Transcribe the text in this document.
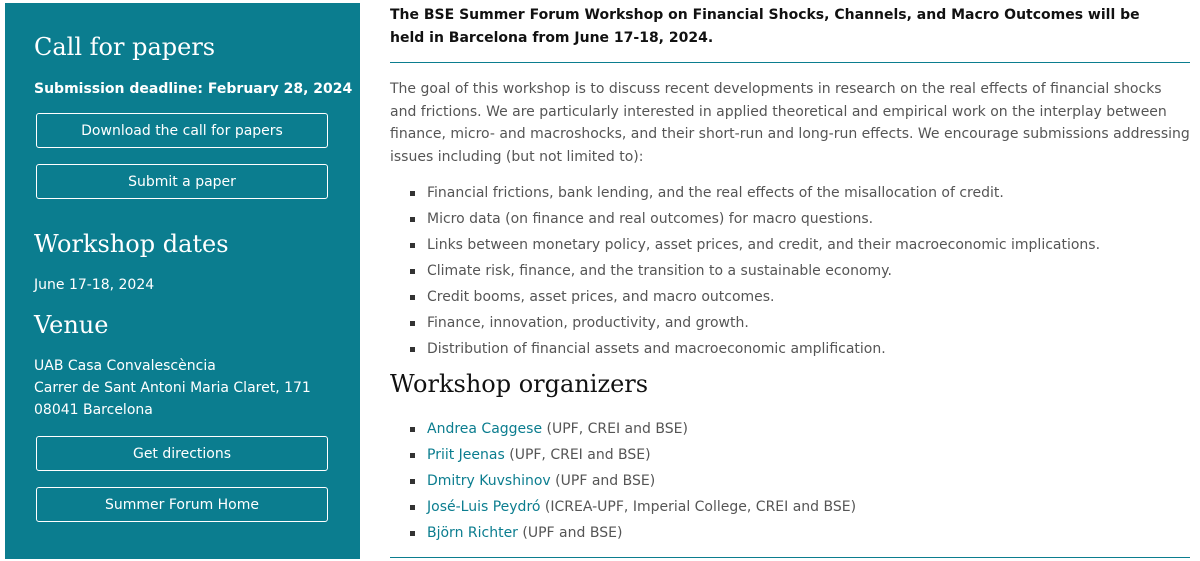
Call for papers

Submission deadline: February 28, 2024

Download the call for papers
Submit a paper
Workshop dates

June 17-18, 2024

Venue
UAB Casa Convalescència
Carrer de Sant Antoni Maria Claret, 171
08041 Barcelona
Get directions
Summer Forum Home

The BSE Summer Forum Workshop on Financial Shocks, Channels, and Macro Outcomes will be held in Barcelona from June 17-18, 2024.

The goal of this workshop is to discuss recent developments in research on the real effects of financial shocks and frictions. We are particularly interested in applied theoretical and empirical work on the interplay between finance, micro- and macroshocks, and their short-run and long-run effects. We encourage submissions addressing issues including (but not limited to):

Financial frictions, bank lending, and the real effects of the misallocation of credit.
Micro data (on finance and real outcomes) for macro questions.
Links between monetary policy, asset prices, and credit, and their macroeconomic implications.
Climate risk, finance, and the transition to a sustainable economy.
Credit booms, asset prices, and macro outcomes.
Finance, innovation, productivity, and growth.
Distribution of financial assets and macroeconomic amplification.
Workshop organizers
Andrea Caggese (UPF, CREI and BSE)
Priit Jeenas (UPF, CREI and BSE)
Dmitry Kuvshinov (UPF and BSE)
José-Luis Peydró (ICREA-UPF, Imperial College, CREI and BSE)
Björn Richter (UPF and BSE)
